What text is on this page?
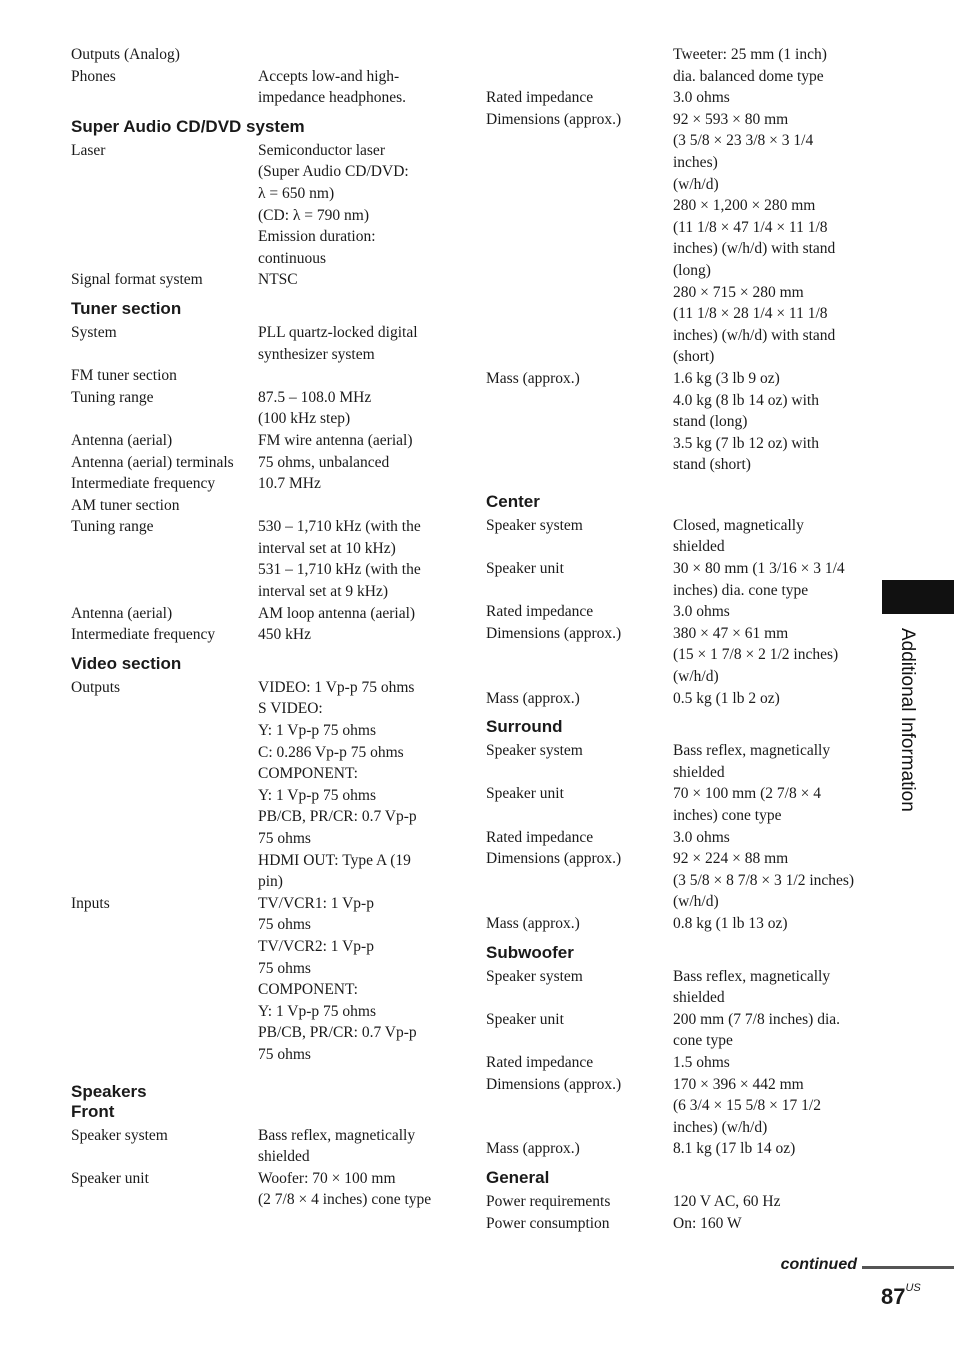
Outputs (Analog)
Phones	Accepts low-and high-
impedance headphones.
Super Audio CD/DVD system
Laser	Semiconductor laser
(Super Audio CD/DVD:
λ = 650 nm)
(CD: λ = 790 nm)
Emission duration:
continuous
Signal format system	NTSC
Tuner section
System	PLL quartz-locked digital
synthesizer system
FM tuner section
Tuning range	87.5 – 108.0 MHz
(100 kHz step)
Antenna (aerial)	FM wire antenna (aerial)
Antenna (aerial) terminals	75 ohms, unbalanced
Intermediate frequency	10.7 MHz
AM tuner section
Tuning range	530 – 1,710 kHz (with the
interval set at 10 kHz)
531 – 1,710 kHz (with the
interval set at 9 kHz)
Antenna (aerial)	AM loop antenna (aerial)
Intermediate frequency	450 kHz
Video section
Outputs	VIDEO: 1 Vp-p 75 ohms
S VIDEO:
Y: 1 Vp-p 75 ohms
C: 0.286 Vp-p 75 ohms
COMPONENT:
Y: 1 Vp-p 75 ohms
PB/CB, PR/CR: 0.7 Vp-p
75 ohms
HDMI OUT: Type A (19
pin)
Inputs	TV/VCR1: 1 Vp-p
75 ohms
TV/VCR2: 1 Vp-p
75 ohms
COMPONENT:
Y: 1 Vp-p 75 ohms
PB/CB, PR/CR: 0.7 Vp-p
75 ohms
Speakers
Front
Speaker system	Bass reflex, magnetically
shielded
Speaker unit	Woofer: 70 × 100 mm
(2 7/8 × 4 inches) cone type
Tweeter: 25 mm (1 inch)
dia. balanced dome type
Rated impedance	3.0 ohms
Dimensions (approx.)	92 × 593 × 80 mm
(3 5/8 × 23 3/8 × 3 1/4 inches)
(w/h/d)
280 × 1,200 × 280 mm
(11 1/8 × 47 1/4 × 11 1/8
inches) (w/h/d) with stand
(long)
280 × 715 × 280 mm
(11 1/8 × 28 1/4 × 11 1/8
inches) (w/h/d) with stand
(short)
Mass (approx.)	1.6 kg (3 lb 9 oz)
4.0 kg (8 lb 14 oz) with
stand (long)
3.5 kg (7 lb 12 oz) with
stand (short)
Center
Speaker system	Closed, magnetically
shielded
Speaker unit	30 × 80 mm (1 3/16 × 3 1/4
inches) dia. cone type
Rated impedance	3.0 ohms
Dimensions (approx.)	380 × 47 × 61 mm
(15 × 1 7/8 × 2 1/2 inches)
(w/h/d)
Mass (approx.)	0.5 kg (1 lb 2 oz)
Surround
Speaker system	Bass reflex, magnetically
shielded
Speaker unit	70 × 100 mm (2 7/8 × 4
inches) cone type
Rated impedance	3.0 ohms
Dimensions (approx.)	92 × 224 × 88 mm
(3 5/8 × 8 7/8 × 3 1/2 inches)
(w/h/d)
Mass (approx.)	0.8 kg (1 lb 13 oz)
Subwoofer
Speaker system	Bass reflex, magnetically
shielded
Speaker unit	200 mm (7 7/8 inches) dia.
cone type
Rated impedance	1.5 ohms
Dimensions (approx.)	170 × 396 × 442 mm
(6 3/4 × 15 5/8 × 17 1/2
inches) (w/h/d)
Mass (approx.)	8.1 kg (17 lb 14 oz)
General
Power requirements	120 V AC, 60 Hz
Power consumption	On: 160 W
Additional Information
continued
$87^{US}$
